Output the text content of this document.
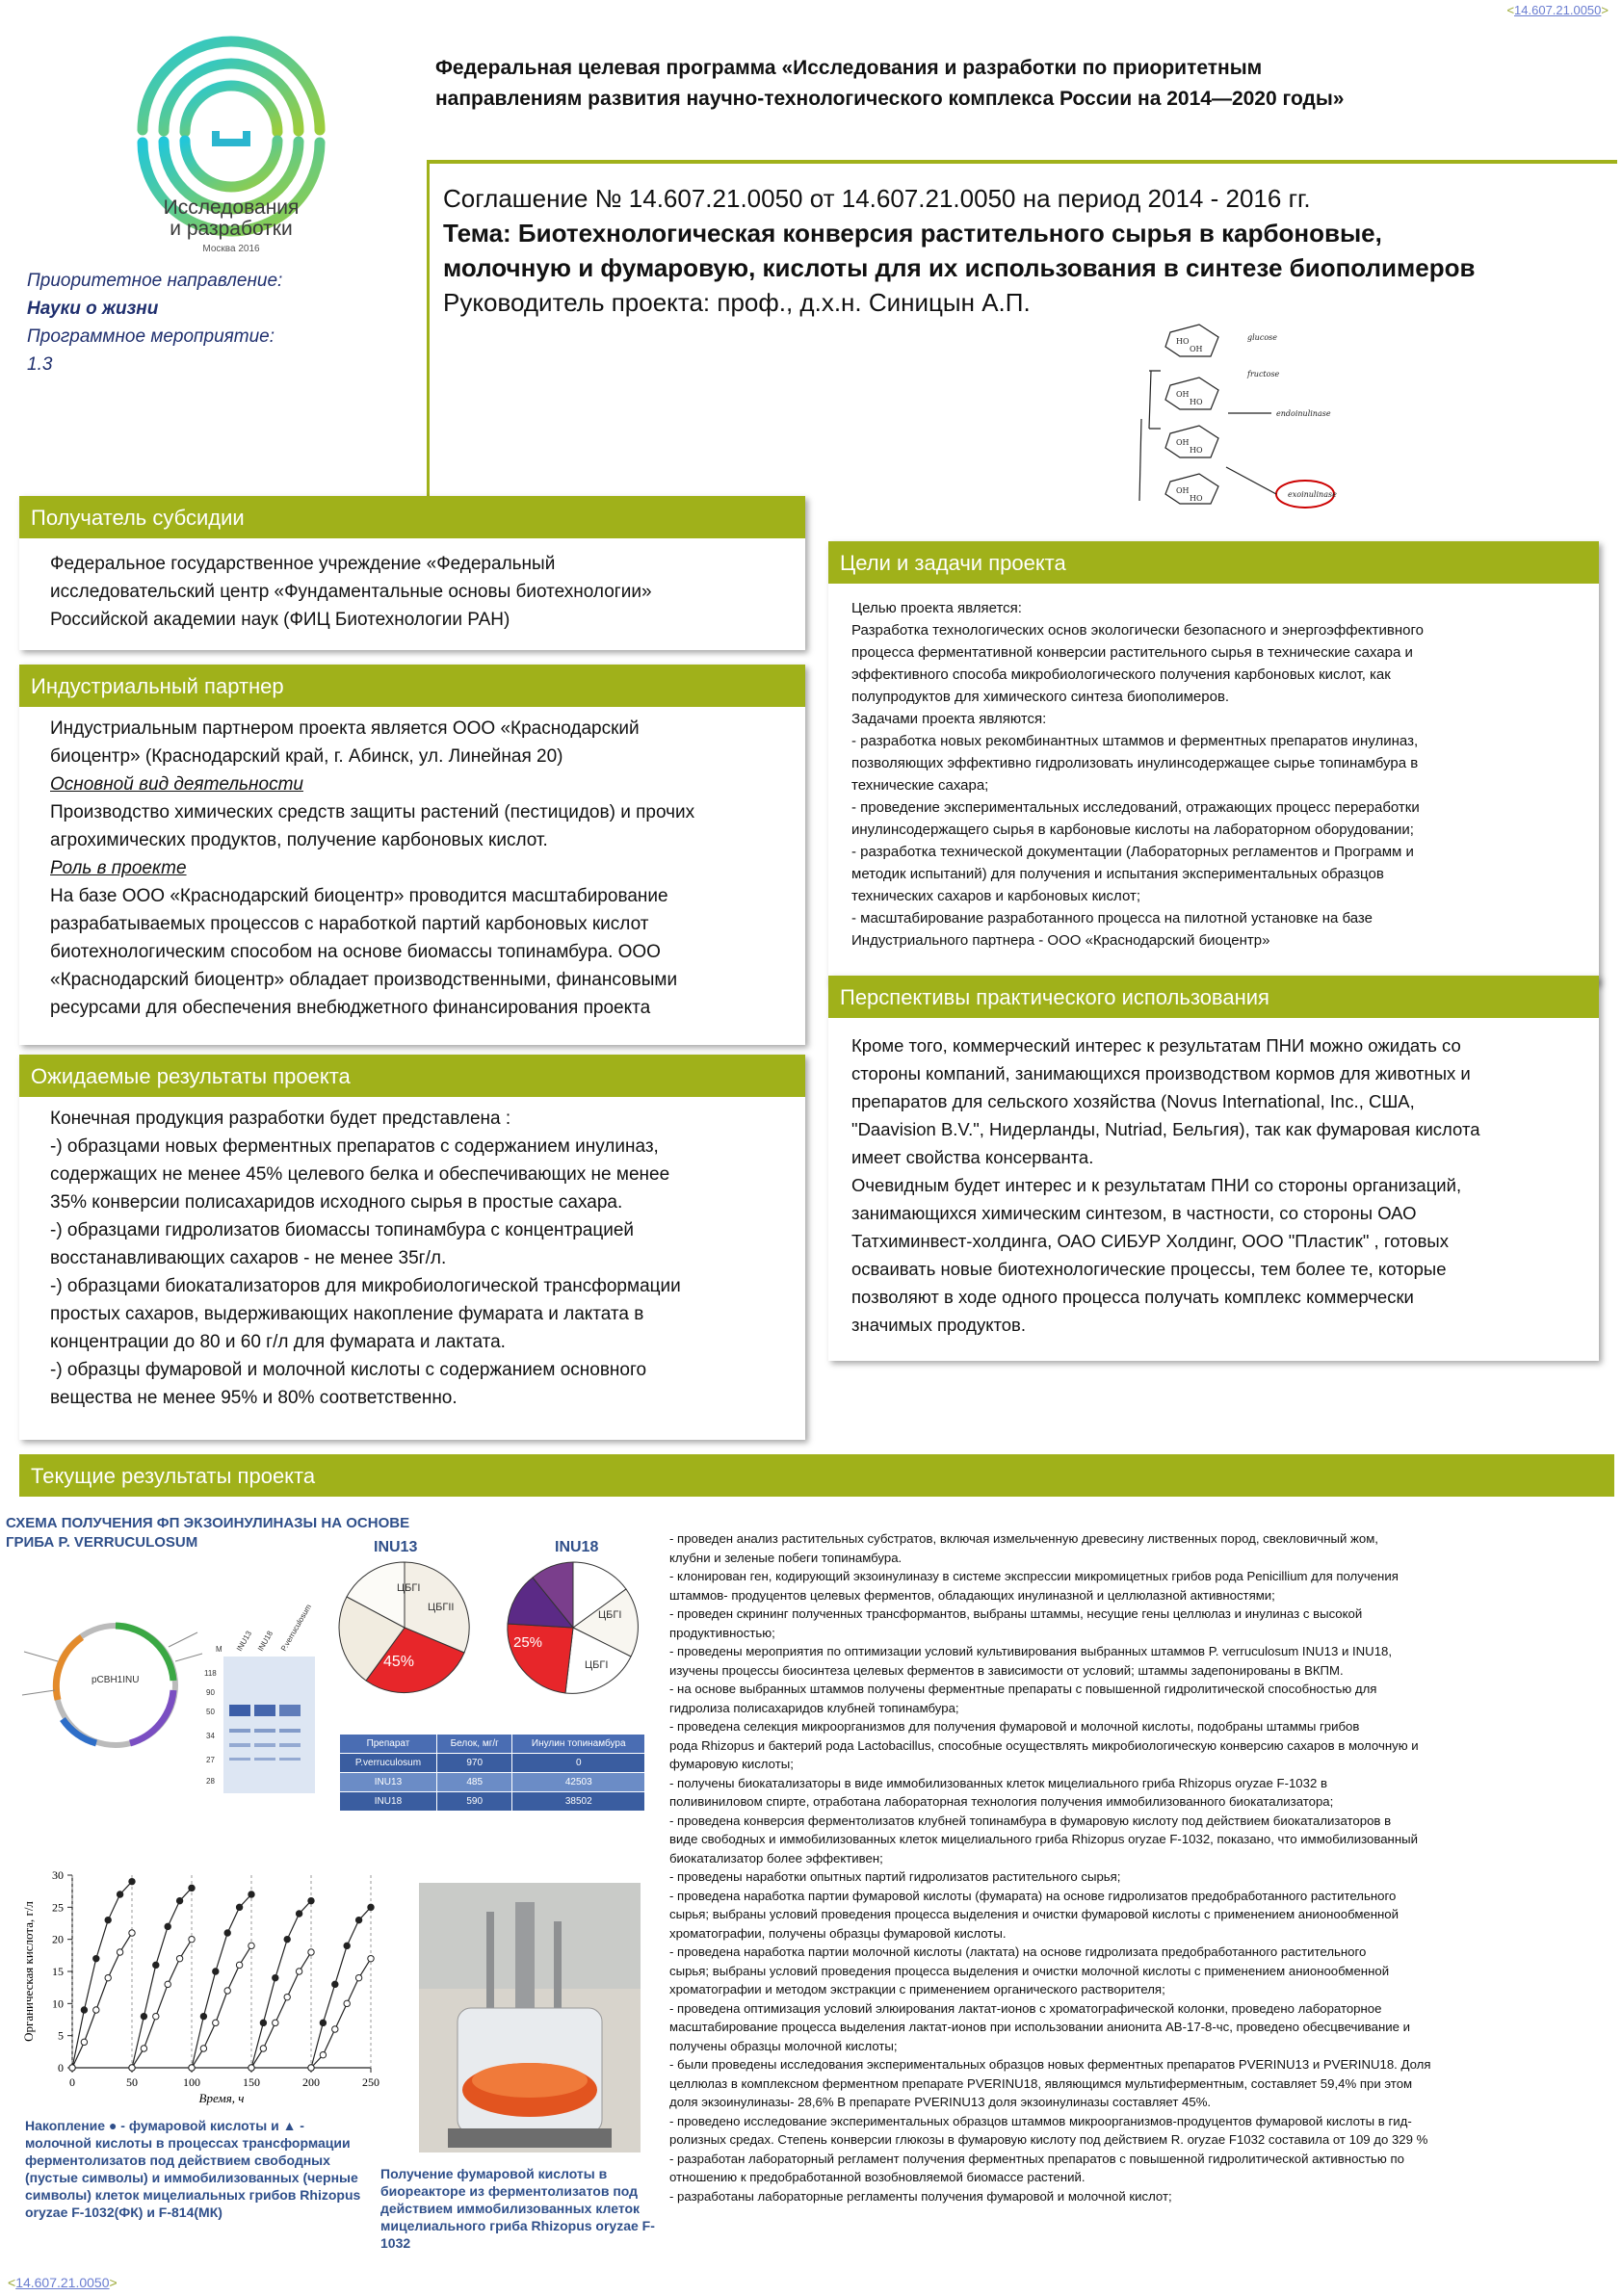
<14.607.21.0050>
Исследования
и разработки
Москва 2016
Приоритетное направление:
Науки о жизни
Программное мероприятие:
1.3
Федеральная целевая программа «Исследования и разработки по приоритетным
направлениям развития научно-технологического комплекса России на 2014—2020 годы»
Соглашение № 14.607.21.0050 от 14.607.21.0050 на период 2014 - 2016 гг.
Тема: Биотехнологическая конверсия растительного сырья в карбоновые,
молочную и фумаровую, кислоты для их использования в синтезе биополимеров
Руководитель проекта: проф., д.х.н. Синицын А.П.
HO
OH
OH
HO
OH
HO
OH
HO
glucose
fructose
endoinulinase
exoinulinase
Получатель субсидии
Федеральное государственное учреждение «Федеральный
исследовательский центр «Фундаментальные основы биотехнологии»
Российской академии наук (ФИЦ Биотехнологии РАН)
Индустриальный партнер
Индустриальным партнером проекта является ООО «Краснодарский
биоцентр» (Краснодарский край, г. Абинск, ул. Линейная 20)
Основной вид деятельности
Производство химических средств защиты растений (пестицидов) и прочих
агрохимических продуктов, получение карбоновых кислот.
Роль в проекте
На базе ООО «Краснодарский биоцентр» проводится масштабирование
разрабатываемых процессов с наработкой партий карбоновых кислот
биотехнологическим способом на основе биомассы топинамбура. ООО
«Краснодарский биоцентр» обладает производственными, финансовыми
ресурсами для обеспечения внебюджетного финансирования проекта
Ожидаемые результаты проекта
Конечная продукция разработки будет представлена :
-) образцами новых ферментных препаратов с содержанием инулиназ,
содержащих не менее 45% целевого белка и обеспечивающих не менее
35% конверсии полисахаридов исходного сырья в простые сахара.
-) образцами гидролизатов биомассы топинамбура с концентрацией
восстанавливающих сахаров - не менее 35г/л.
-) образцами биокатализаторов для микробиологической трансформации
простых сахаров, выдерживающих накопление фумарата и лактата в
концентрации до 80 и 60 г/л для фумарата и лактата.
-) образцы фумаровой и молочной кислоты с содержанием основного
вещества не менее 95% и 80% соответственно.
Цели и задачи проекта
Целью проекта является:
Разработка технологических основ экологически безопасного и энергоэффективного
процесса ферментативной конверсии растительного сырья в технические сахара и
эффективного способа микробиологического получения карбоновых кислот, как
полупродуктов для химического синтеза биополимеров.
Задачами проекта являются:
- разработка новых рекомбинантных штаммов и ферментных препаратов инулиназ,
позволяющих эффективно гидролизовать инулинсодержащее сырье топинамбура в
технические сахара;
- проведение экспериментальных исследований, отражающих процесс переработки
инулинсодержащего сырья в карбоновые кислоты на лабораторном оборудовании;
- разработка технической документации (Лабораторных регламентов и Программ и
методик испытаний) для получения и испытания экспериментальных образцов
технических сахаров и карбоновых кислот;
- масштабирование разработанного процесса на пилотной установке на базе
Индустриального партнера - ООО «Краснодарский биоцентр»
Перспективы практического использования
Кроме того, коммерческий интерес к результатам ПНИ можно ожидать со
стороны компаний, занимающихся производством кормов для животных и
препаратов для сельского хозяйства (Novus International, Inc., США,
"Daavision B.V.", Нидерланды, Nutriad, Бельгия), так как фумаровая кислота
имеет свойства консерванта.
Очевидным будет интерес и к результатам ПНИ со стороны организаций,
занимающихся химическим синтезом, в частности, со стороны ОАО
Татхиминвест-холдинга, ОАО СИБУР Холдинг, ООО "Пластик" , готовых
осваивать новые биотехнологические процессы, тем более те, которые
позволяют в ходе одного процесса получать комплекс коммерчески
значимых продуктов.
Текущие результаты проекта
СХЕМА ПОЛУЧЕНИЯ ФП ЭКЗОИНУЛИНАЗЫ НА ОСНОВЕ
ГРИБА P. VERRUCULOSUM	INU13	INU18
45%
ЦБГI
ЦБГII
25%
ЦБГI
ЦБГI
pCBH1INU
M INU13 INU18 P.verruculosum
118
90
50
34
27
28
Препарат	Белок, мг/г	Инулин топинамбура
P.verruculosum	970	0
INU13	485	42503
INU18	590	38502
0	50	100	150	200	250
0
5
10
15
20
25
30
Время, ч
Органическая кислота, г/л
Накопление ● - фумаровой кислоты и ▲ - молочной кислоты в процессах трансформации ферментолизатов под действием свободных (пустые символы) и иммобилизованных (черные символы) клеток мицелиальных грибов Rhizopus oryzae F-1032(ФК) и F-814(МК)
Получение фумаровой кислоты в биореакторе из ферментолизатов под действием иммобилизованных клеток мицелиального гриба Rhizopus oryzae F-1032
- проведен анализ растительных субстратов, включая измельченную древесину лиственных пород, свекловичный жом,
клубни и зеленые побеги топинамбура.
- клонирован ген, кодирующий экзоинулиназу в системе экспрессии микромицетных грибов рода Penicillium для получения
штаммов- продуцентов целевых ферментов, обладающих инулиназной и целлюлазной активностями;
- проведен скрининг полученных трансформантов, выбраны штаммы, несущие гены целлюлаз и инулиназ с высокой
продуктивностью;
- проведены мероприятия по оптимизации условий культивирования выбранных штаммов P. verruculosum INU13 и INU18,
изучены процессы биосинтеза целевых ферментов в зависимости от условий; штаммы задепонированы в ВКПМ.
- на основе выбранных штаммов получены ферментные препараты с повышенной гидролитической способностью для
гидролиза полисахаридов клубней топинамбура;
- проведена селекция микроорганизмов для получения фумаровой и молочной кислоты, подобраны штаммы грибов
рода Rhizopus и бактерий рода Lactobacillus, способные осуществлять микробиологическую конверсию сахаров в молочную и
фумаровую кислоты;
- получены биокатализаторы в виде иммобилизованных клеток мицелиального гриба Rhizopus oryzae F-1032 в
поливиниловом спирте, отработана лабораторная технология получения иммобилизованного биокатализатора;
- проведена конверсия ферментолизатов клубней топинамбура в фумаровую кислоту под действием биокатализаторов в
виде свободных и иммобилизованных клеток мицелиального гриба Rhizopus oryzae F-1032, показано, что иммобилизованный
биокатализатор более эффективен;
- проведены наработки опытных партий гидролизатов растительного сырья;
- проведена наработка партии фумаровой кислоты (фумарата) на основе гидролизатов предобработанного растительного
сырья; выбраны условий проведения процесса выделения и очистки фумаровой кислоты с применением анионообменной
хроматографии, получены образцы фумаровой кислоты.
- проведена наработка партии молочной кислоты (лактата) на основе гидролизата предобработанного растительного
сырья; выбраны условий проведения процесса выделения и очистки молочной кислоты с применением анионообменной
хроматографии и методом экстракции с применением органического растворителя;
- проведена оптимизация условий элюирования лактат-ионов с хроматографической колонки, проведено лабораторное
масштабирование процесса выделения лактат-ионов при использовании анионита АВ-17-8-чс, проведено обесцвечивание и
получены образцы молочной кислоты;
- были проведены исследования экспериментальных образцов новых ферментных препаратов PVERINU13 и PVERINU18. Доля
целлюлаз в комплексном ферментном препарате PVERINU18, являющимся мультиферментным, составляет 59,4% при этом
доля экзоинулиназы- 28,6% В препарате PVERINU13 доля экзоинулиназы составляет 45%.
- проведено исследование экспериментальных образцов штаммов микроорганизмов-продуцентов фумаровой кислоты в гид-
ролизных средах. Степень конверсии глюкозы в фумаровую кислоту под действием R. oryzae F1032 составила от 109 до 329 %
- разработан лабораторный регламент получения ферментных препаратов с повышенной гидролитической активностью по
отношению к предобработанной возобновляемой биомассе растений.
- разработаны лабораторные регламенты получения фумаровой и молочной кислот;
<14.607.21.0050>
